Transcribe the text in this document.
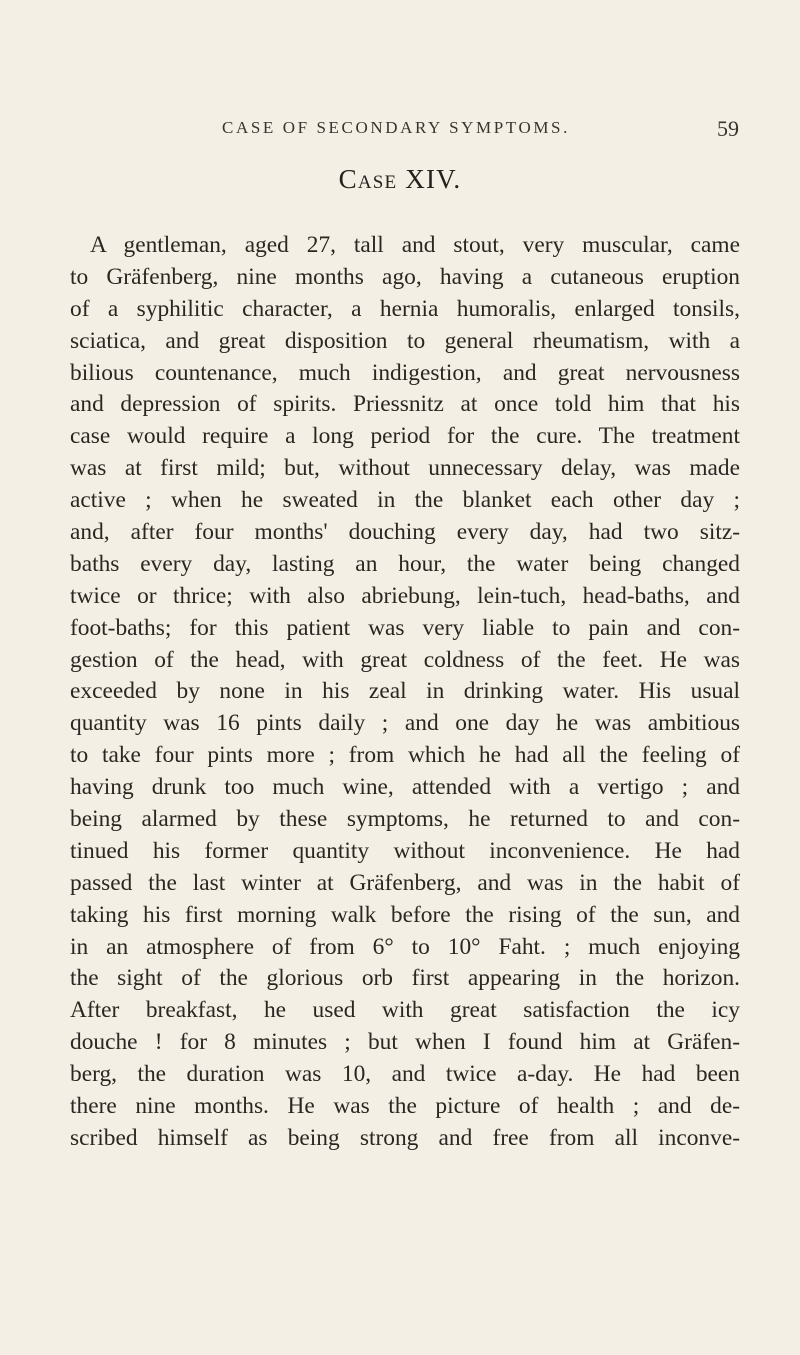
CASE OF SECONDARY SYMPTOMS.	59
Case XIV.
A gentleman, aged 27, tall and stout, very muscular, came
to Gräfenberg, nine months ago, having a cutaneous eruption
of a syphilitic character, a hernia humoralis, enlarged tonsils,
sciatica, and great disposition to general rheumatism, with a
bilious countenance, much indigestion, and great nervousness
and depression of spirits. Priessnitz at once told him that his
case would require a long period for the cure. The treatment
was at first mild; but, without unnecessary delay, was made
active ; when he sweated in the blanket each other day ;
and, after four months' douching every day, had two sitz-
baths every day, lasting an hour, the water being changed
twice or thrice; with also abriebung, lein-tuch, head-baths, and
foot-baths; for this patient was very liable to pain and con-
gestion of the head, with great coldness of the feet. He was
exceeded by none in his zeal in drinking water. His usual
quantity was 16 pints daily ; and one day he was ambitious
to take four pints more ; from which he had all the feeling of
having drunk too much wine, attended with a vertigo ; and
being alarmed by these symptoms, he returned to and con-
tinued his former quantity without inconvenience. He had
passed the last winter at Gräfenberg, and was in the habit of
taking his first morning walk before the rising of the sun, and
in an atmosphere of from 6° to 10° Faht. ; much enjoying
the sight of the glorious orb first appearing in the horizon.
After breakfast, he used with great satisfaction the icy
douche ! for 8 minutes ; but when I found him at Gräfen-
berg, the duration was 10, and twice a-day. He had been
there nine months. He was the picture of health ; and de-
scribed himself as being strong and free from all inconve-
